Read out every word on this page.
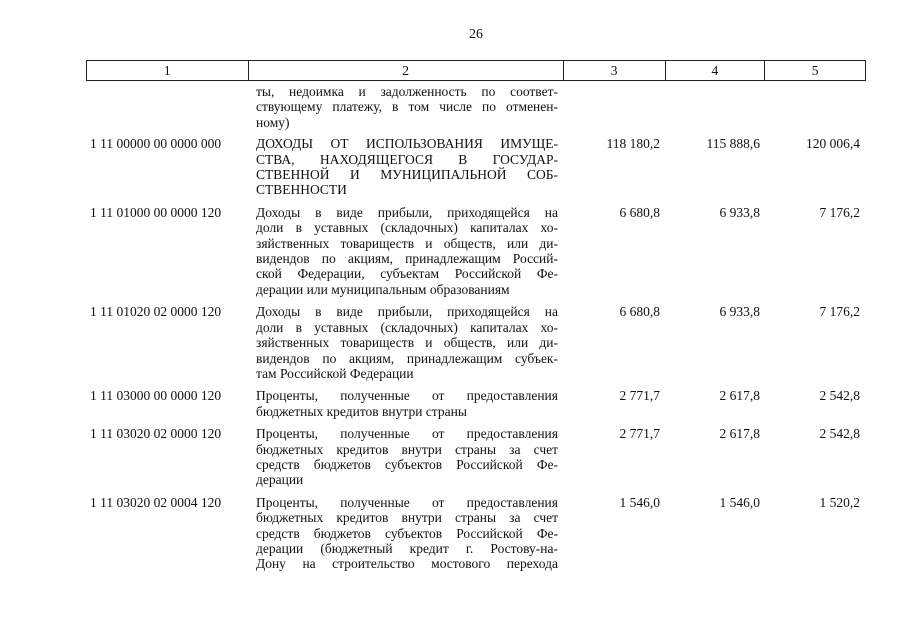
26
1	2	3	4	5
ты, недоимка и задолженность по соответ-
ствующему платежу, в том числе по отменен-
ному)
1 11 00000 00 0000 000	ДОХОДЫ ОТ ИСПОЛЬЗОВАНИЯ ИМУЩЕ-
СТВА, НАХОДЯЩЕГОСЯ В ГОСУДАР-
СТВЕННОЙ И МУНИЦИПАЛЬНОЙ СОБ-
СТВЕННОСТИ
118 180,2	115 888,6	120 006,4
1 11 01000 00 0000 120	Доходы в виде прибыли, приходящейся на
доли в уставных (складочных) капиталах хо-
зяйственных товариществ и обществ, или ди-
видендов по акциям, принадлежащим Россий-
ской Федерации, субъектам Российской Фе-
дерации или муниципальным образованиям
6 680,8	6 933,8	7 176,2
1 11 01020 02 0000 120	Доходы в виде прибыли, приходящейся на
доли в уставных (складочных) капиталах хо-
зяйственных товариществ и обществ, или ди-
видендов по акциям, принадлежащим субъек-
там Российской Федерации
6 680,8	6 933,8	7 176,2
1 11 03000 00 0000 120	Проценты, полученные от предоставления
бюджетных кредитов внутри страны
2 771,7	2 617,8	2 542,8
1 11 03020 02 0000 120	Проценты, полученные от предоставления
бюджетных кредитов внутри страны за счет
средств бюджетов субъектов Российской Фе-
дерации
2 771,7	2 617,8	2 542,8
1 11 03020 02 0004 120	Проценты, полученные от предоставления
бюджетных кредитов внутри страны за счет
средств бюджетов субъектов Российской Фе-
дерации (бюджетный кредит г. Ростову-на-
Дону на строительство мостового перехода
1 546,0	1 546,0	1 520,2
